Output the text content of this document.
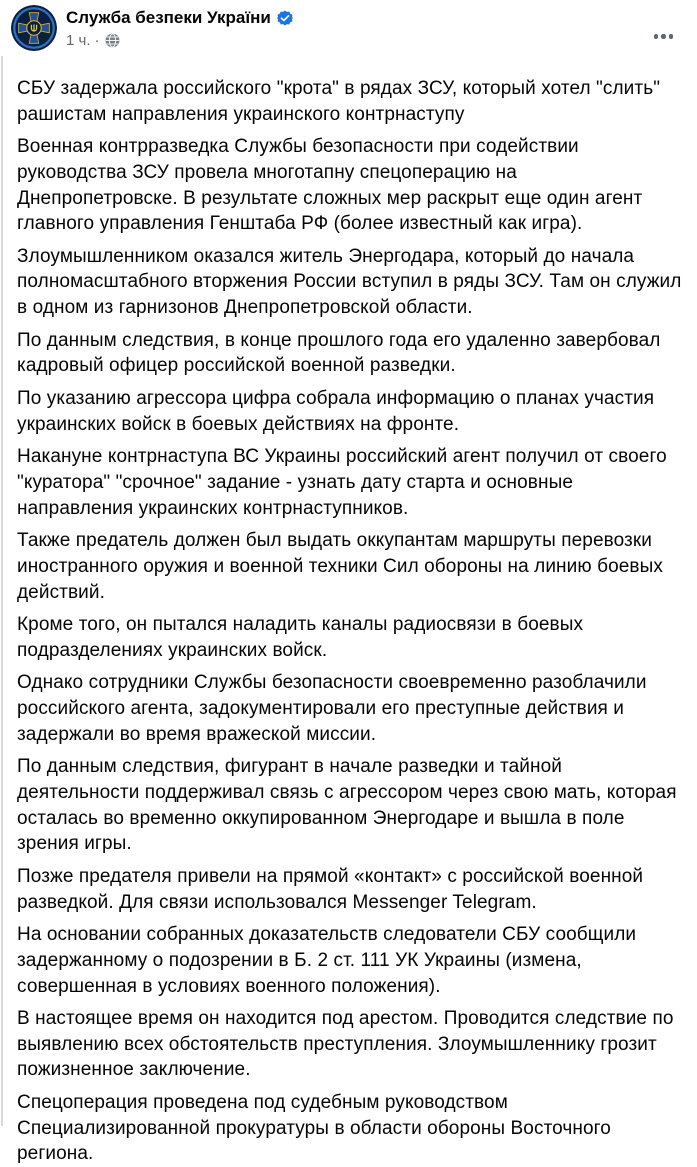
Служба безпеки України
1 ч. ·

СБУ задержала российского "крота" в рядах ЗСУ, который хотел "слить" рашистам направления украинского контрнаступу

Военная контрразведка Службы безопасности при содействии руководства ЗСУ провела многотапну спецоперацию на Днепропетровске. В результате сложных мер раскрыт еще один агент главного управления Генштаба РФ (более известный как игра).

Злоумышленником оказался житель Энергодара, который до начала полномасштабного вторжения России вступил в ряды ЗСУ. Там он служил в одном из гарнизонов Днепропетровской области.

По данным следствия, в конце прошлого года его удаленно завербовал кадровый офицер российской военной разведки.

По указанию агрессора цифра собрала информацию о планах участия украинских войск в боевых действиях на фронте.

Накануне контрнаступа ВС Украины российский агент получил от своего "куратора" "срочное" задание - узнать дату старта и основные направления украинских контрнаступников.

Также предатель должен был выдать оккупантам маршруты перевозки иностранного оружия и военной техники Сил обороны на линию боевых действий.

Кроме того, он пытался наладить каналы радиосвязи в боевых подразделениях украинских войск.

Однако сотрудники Службы безопасности своевременно разоблачили российского агента, задокументировали его преступные действия и задержали во время вражеской миссии.

По данным следствия, фигурант в начале разведки и тайной деятельности поддерживал связь с агрессором через свою мать, которая осталась во временно оккупированном Энергодаре и вышла в поле зрения игры.

Позже предателя привели на прямой «контакт» с российской военной разведкой. Для связи использовался Messenger Telegram.

На основании собранных доказательств следователи СБУ сообщили задержанному о подозрении в Б. 2 ст. 111 УК Украины (измена, совершенная в условиях военного положения).

В настоящее время он находится под арестом. Проводится следствие по выявлению всех обстоятельств преступления. Злоумышленнику грозит пожизненное заключение.

Спецоперация проведена под судебным руководством Специализированной прокуратуры в области обороны Восточного региона.
